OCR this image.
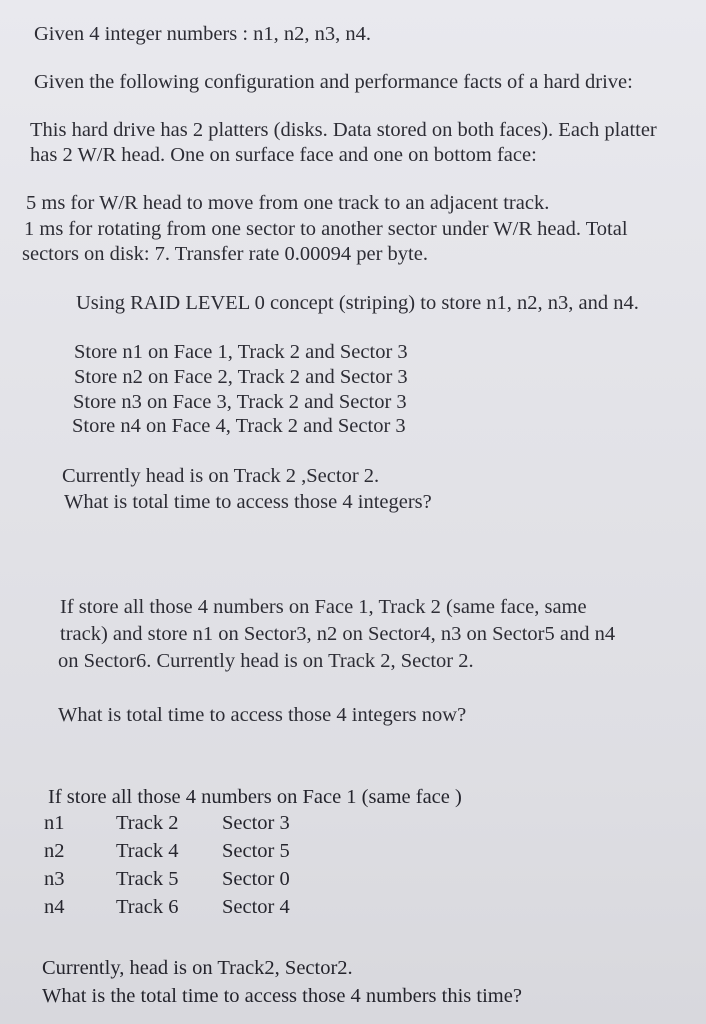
Given 4 integer numbers : n1, n2, n3, n4.
Given the following configuration and performance facts of a hard drive:
This hard drive has 2 platters (disks. Data stored on both faces). Each platter
has 2 W/R head. One on surface face and one on bottom face:
5 ms for W/R head to move from one track to an adjacent track.
1 ms for rotating from one sector to another sector under W/R head. Total
sectors on disk: 7. Transfer rate 0.00094 per byte.
Using RAID LEVEL 0 concept (striping) to store n1, n2, n3, and n4.
Store n1 on Face 1, Track 2 and Sector 3
Store n2 on Face 2, Track 2 and Sector 3
Store n3 on Face 3, Track 2 and Sector 3
Store n4 on Face 4, Track 2 and Sector 3
Currently head is on Track 2 ,Sector 2.
What is total time to access those 4 integers?
If store all those 4 numbers on Face 1, Track 2 (same face, same
track) and store n1 on Sector3, n2 on Sector4, n3 on Sector5 and n4
on Sector6. Currently head is on Track 2, Sector 2.
What is total time to access those 4 integers now?
If store all those 4 numbers on Face 1 (same face )
n1	Track 2 Sector 3
n2	Track 4 Sector 5
n3	Track 5 Sector 0
n4	Track 6 Sector 4
Currently, head is on Track2, Sector2.
What is the total time to access those 4 numbers this time?
